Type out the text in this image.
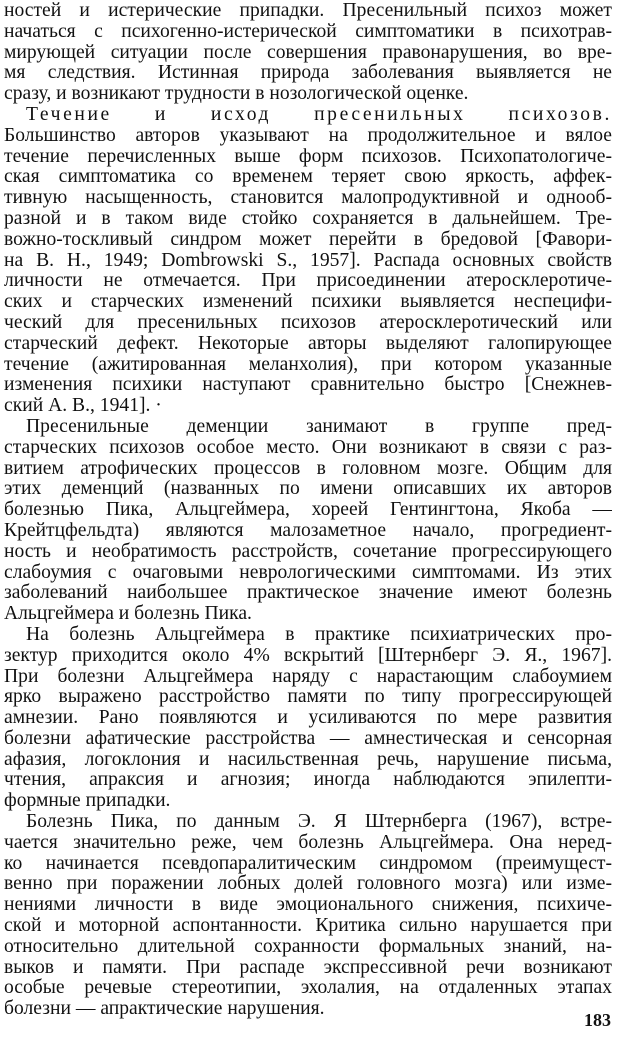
ностей и истерические припадки. Пресенильный психоз может
начаться с психогенно-истерической симптоматики в психотрав-
мирующей ситуации после совершения правонарушения, во вре-
мя следствия. Истинная природа заболевания выявляется не
сразу, и возникают трудности в нозологической оценке.
Течение и исход пресенильных психозов.
Большинство авторов указывают на продолжительное и вялое
течение перечисленных выше форм психозов. Психопатологиче-
ская симптоматика со временем теряет свою яркость, аффек-
тивную насыщенность, становится малопродуктивной и однооб-
разной и в таком виде стойко сохраняется в дальнейшем. Тре-
вожно-тоскливый синдром может перейти в бредовой [Фавори-
на В. Н., 1949; Dombrowski S., 1957]. Распада основных свойств
личности не отмечается. При присоединении атеросклеротиче-
ских и старческих изменений психики выявляется неспецифи-
ческий для пресенильных психозов атеросклеротический или
старческий дефект. Некоторые авторы выделяют галопирующее
течение (ажитированная меланхолия), при котором указанные
изменения психики наступают сравнительно быстро [Снежнев-
ский А. В., 1941]. ·
Пресенильные деменции занимают в группе пред-
старческих психозов особое место. Они возникают в связи с раз-
витием атрофических процессов в головном мозге. Общим для
этих деменций (названных по имени описавших их авторов
болезнью Пика, Альцгеймера, хореей Гентингтона, Якоба —
Крейтцфельдта) являются малозаметное начало, прогредиент-
ность и необратимость расстройств, сочетание прогрессирующего
слабоумия с очаговыми неврологическими симптомами. Из этих
заболеваний наибольшее практическое значение имеют болезнь
Альцгеймера и болезнь Пика.
На болезнь Альцгеймера в практике психиатрических про-
зектур приходится около 4% вскрытий [Штернберг Э. Я., 1967].
При болезни Альцгеймера наряду с нарастающим слабоумием
ярко выражено расстройство памяти по типу прогрессирующей
амнезии. Рано появляются и усиливаются по мере развития
болезни афатические расстройства — амнестическая и сенсорная
афазия, логоклония и насильственная речь, нарушение письма,
чтения, апраксия и агнозия; иногда наблюдаются эпилепти-
формные припадки.
Болезнь Пика, по данным Э. Я Штернберга (1967), встре-
чается значительно реже, чем болезнь Альцгеймера. Она неред-
ко начинается псевдопаралитическим синдромом (преимущест-
венно при поражении лобных долей головного мозга) или изме-
нениями личности в виде эмоционального снижения, психиче-
ской и моторной аспонтанности. Критика сильно нарушается при
относительно длительной сохранности формальных знаний, на-
выков и памяти. При распаде экспрессивной речи возникают
особые речевые стереотипии, эхолалия, на отдаленных этапах
болезни — апрактические нарушения.
183
